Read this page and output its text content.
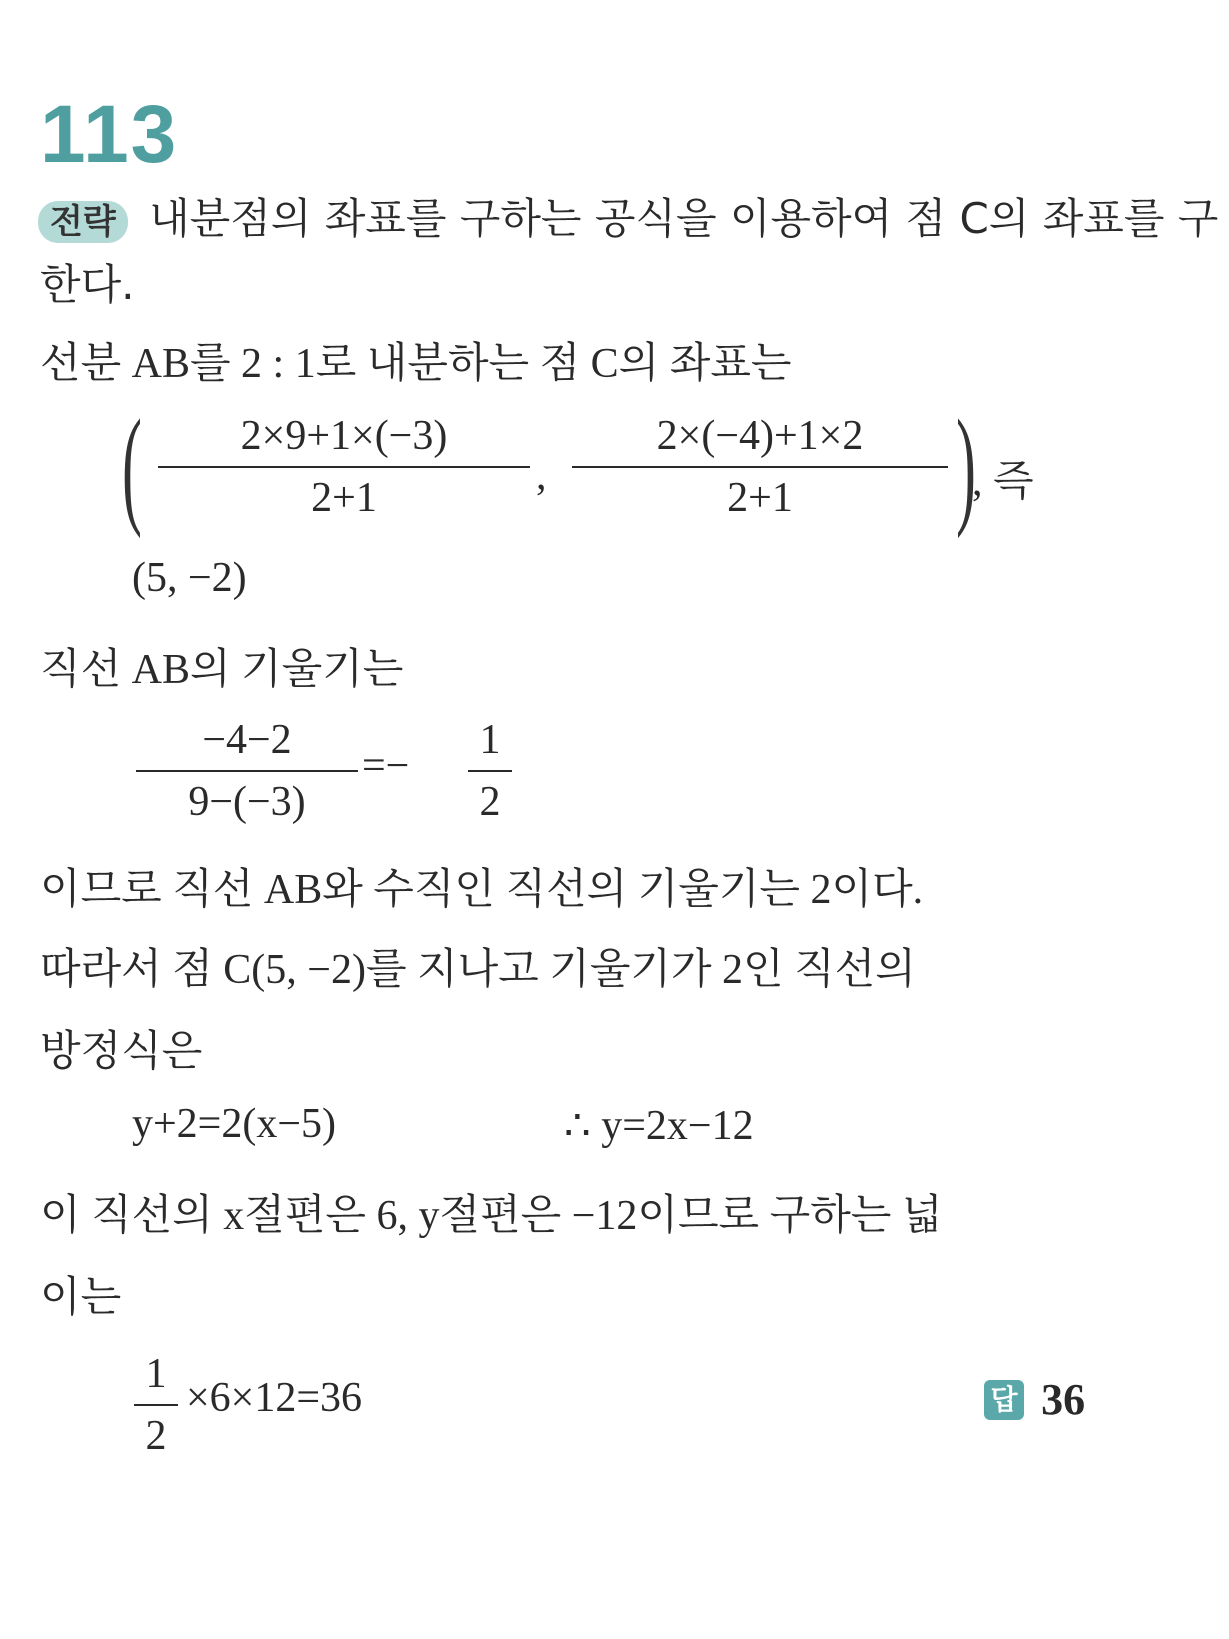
113
전략 내분점의 좌표를 구하는 공식을 이용하여 점 C의 좌표를 구
한다.
선분 AB를 2 : 1로 내분하는 점 C의 좌표는
(	2×9+1×(−3)
2+1	,
2×(−4)+1×2
2+1	)
, 즉
(5, −2)
직선 AB의 기울기는
−4−2
9−(−3)
=−
1
2
이므로 직선 AB와 수직인 직선의 기울기는 2이다.
따라서 점 C(5, −2)를 지나고 기울기가 2인 직선의
방정식은
y+2=2(x−5)	∴ y=2x−12
이 직선의 x절편은 6, y절편은 −12이므로 구하는 넓
이는
1
2
×6×12=36	답 36
